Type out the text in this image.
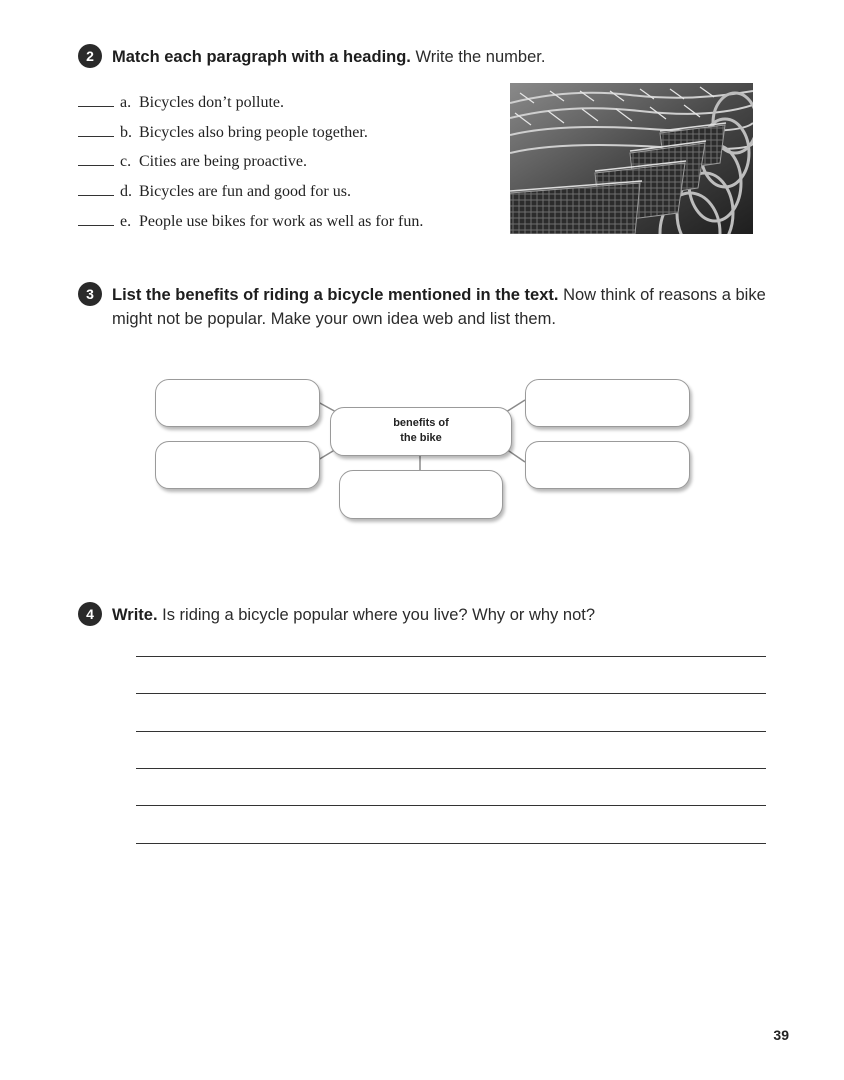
2	Match each paragraph with a heading. Write the number.
a. Bicycles don’t pollute.
b. Bicycles also bring people together.
c. Cities are being proactive.
d. Bicycles are fun and good for us.
e. People use bikes for work as well as for fun.
3	List the benefits of riding a bicycle mentioned in the text. Now think of reasons a bike might not be popular. Make your own idea web and list them.
benefits of
the bike
4	Write. Is riding a bicycle popular where you live? Why or why not?
39
